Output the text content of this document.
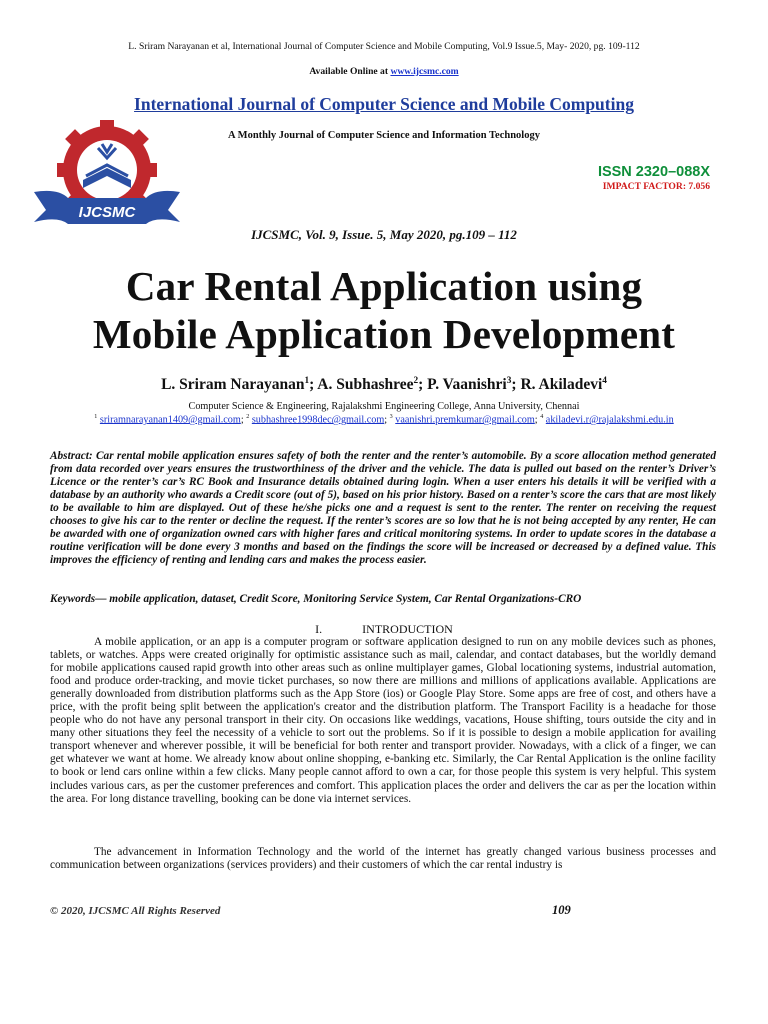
L. Sriram Narayanan et al, International Journal of Computer Science and Mobile Computing, Vol.9 Issue.5, May- 2020, pg. 109-112
Available Online at www.ijcsmc.com
International Journal of Computer Science and Mobile Computing
A Monthly Journal of Computer Science and Information Technology
IJCSMC
ISSN 2320–088X
IMPACT FACTOR: 7.056
IJCSMC, Vol. 9, Issue. 5, May 2020, pg.109 – 112
Car Rental Application using
Mobile Application Development
L. Sriram Narayanan$^1$; A. Subhashree$^2$; P. Vaanishri$^3$; R. Akiladevi$^4$
Computer Science & Engineering, Rajalakshmi Engineering College, Anna University, Chennai
$^1$ sriramnarayanan1409@gmail.com; $^2$ subhashree1998dec@gmail.com; $^3$ vaanishri.premkumar@gmail.com; $^4$ akiladevi.r@rajalakshmi.edu.in
Abstract: Car rental mobile application ensures safety of both the renter and the renter’s automobile. By a score allocation method generated from data recorded over years ensures the trustworthiness of the driver and the vehicle. The data is pulled out based on the renter’s Driver’s Licence or the renter’s car’s RC Book and Insurance details obtained during login. When a user enters his details it will be verified with a database by an authority who awards a Credit score (out of 5), based on his prior history. Based on a renter’s score the cars that are most likely to be available to him are displayed. Out of these he/she picks one and a request is sent to the renter. The renter on receiving the request chooses to give his car to the renter or decline the request. If the renter’s scores are so low that he is not being accepted by any renter, He can be awarded with one of organization owned cars with higher fares and critical monitoring systems. In order to update scores in the database a routine verification will be done every 3 months and based on the findings the score will be increased or decreased by a defined value. This improves the efficiency of renting and lending cars and makes the process easier.
Keywords— mobile application, dataset, Credit Score, Monitoring Service System, Car Rental Organizations-CRO
I.	INTRODUCTION
A mobile application, or an app is a computer program or software application designed to run on any mobile devices such as phones, tablets, or watches. Apps were created originally for optimistic assistance such as mail, calendar, and contact databases, but the worldly demand for mobile applications caused rapid growth into other areas such as online multiplayer games, Global locationing systems, industrial automation, food and produce order-tracking, and movie ticket purchases, so now there are millions and millions of applications available. Applications are generally downloaded from distribution platforms such as the App Store (ios) or Google Play Store. Some apps are free of cost, and others have a price, with the profit being split between the application's creator and the distribution platform. The Transport Facility is a headache for those people who do not have any personal transport in their city. On occasions like weddings, vacations, House shifting, tours outside the city and in many other situations they feel the necessity of a vehicle to sort out the problems. So if it is possible to design a mobile application for availing transport whenever and wherever possible, it will be beneficial for both renter and transport provider. Nowadays, with a click of a finger, we can get whatever we want at home. We already know about online shopping, e-banking etc. Similarly, the Car Rental Application is the online facility to book or lend cars online within a few clicks. Many people cannot afford to own a car, for those people this system is very helpful. This system includes various cars, as per the customer preferences and comfort. This application places the order and delivers the car as per the location within the area. For long distance travelling, booking can be done via internet services.
The advancement in Information Technology and the world of the internet has greatly changed various business processes and communication between organizations (services providers) and their customers of which the car rental industry is
© 2020, IJCSMC All Rights Reserved	109
